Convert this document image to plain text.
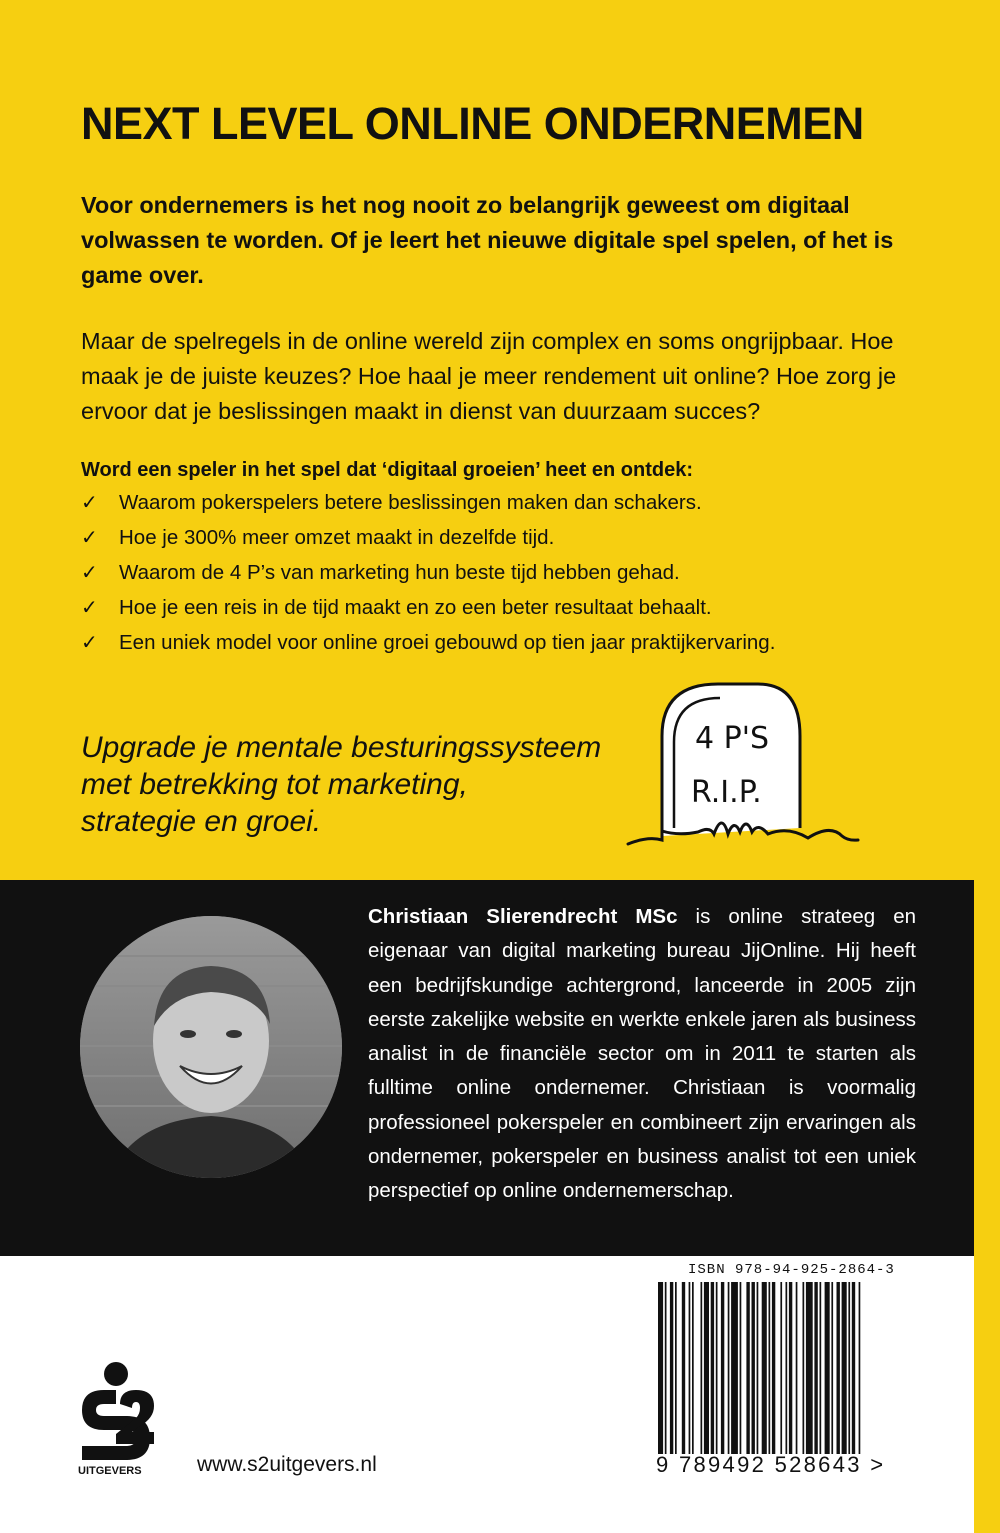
NEXT LEVEL ONLINE ONDERNEMEN

Voor ondernemers is het nog nooit zo belangrijk geweest om digitaal volwassen te worden. Of je leert het nieuwe digitale spel spelen, of het is game over.

Maar de spelregels in de online wereld zijn complex en soms ongrijpbaar. Hoe maak je de juiste keuzes? Hoe haal je meer rendement uit online? Hoe zorg je ervoor dat je beslissingen maakt in dienst van duurzaam succes?

Word een speler in het spel dat ‘digitaal groeien’ heet en ontdek:

✓	Waarom pokerspelers betere beslissingen maken dan schakers.
✓	Hoe je 300% meer omzet maakt in dezelfde tijd.
✓	Waarom de 4 P’s van marketing hun beste tijd hebben gehad.
✓	Hoe je een reis in de tijd maakt en zo een beter resultaat behaalt.
✓	Een uniek model voor online groei gebouwd op tien jaar praktijkervaring.

Upgrade je mentale besturingssysteem
met betrekking tot marketing,
strategie en groei.

4 P'S
R.I.P.

Christiaan Slierendrecht MSc is online strateeg en eigenaar van digital marketing bureau JijOnline. Hij heeft een bedrijfskundige achtergrond, lanceerde in 2005 zijn eerste zakelijke website en werkte enkele jaren als business analist in de financiële sector om in 2011 te starten als fulltime online ondernemer. Christiaan is voormalig professioneel pokerspeler en combineert zijn ervaringen als ondernemer, pokerspeler en business analist tot een uniek perspectief op online ondernemerschap.

ISBN 978-94-925-2864-3

9 789492 528643 >

UITGEVERS	www.s2uitgevers.nl
